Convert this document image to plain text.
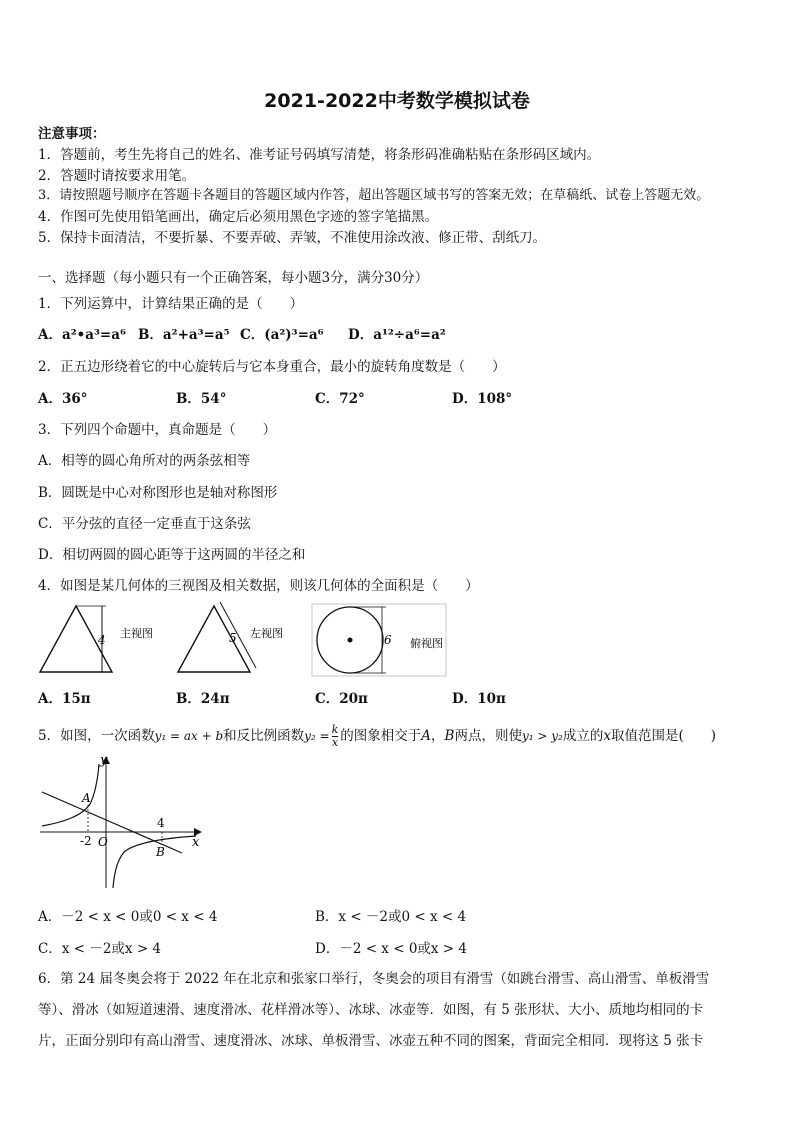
2021-2022中考数学模拟试卷
注意事项：
1．答题前，考生先将自己的姓名、准考证号码填写清楚，将条形码准确粘贴在条形码区域内。
2．答题时请按要求用笔。
3．请按照题号顺序在答题卡各题目的答题区域内作答，超出答题区域书写的答案无效；在草稿纸、试卷上答题无效。
4．作图可先使用铅笔画出，确定后必须用黑色字迹的签字笔描黑。
5．保持卡面清洁，不要折暴、不要弄破、弄皱，不准使用涂改液、修正带、刮纸刀。
一、选择题（每小题只有一个正确答案，每小题3分，满分30分）
1．下列运算中，计算结果正确的是（　　）
A．a²•a³=a⁶ B．a²+a³=a⁵ C．(a²)³=a⁶ D．a¹²÷a⁶=a²
2．正五边形绕着它的中心旋转后与它本身重合，最小的旋转角度数是（　　）
A．36°	B．54°	C．72°	D．108°
3．下列四个命题中，真命题是（　　）
A．相等的圆心角所对的两条弦相等
B．圆既是中心对称图形也是轴对称图形
C．平分弦的直径一定垂直于这条弦
D．相切两圆的圆心距等于这两圆的半径之和
4．如图是某几何体的三视图及相关数据，则该几何体的全面积是（　　）
4 主视图	5 左视图	6 俯视图
A．15π	B．24π	C．20π	D．10π
5．如图，一次函数y₁ = ax + b和反比例函数$y_2 = \frac{k}{x}$ 的图象相交于A，B两点，则使y₁ > y₂成立的x取值范围是(　　)
x
y
O
A
B
-2
4
A．－2 < x < 0或0 < x < 4	B．x < －2或0 < x < 4
C．x < －2或x > 4	D．－2 < x < 0或x > 4
6．第 24 届冬奥会将于 2022 年在北京和张家口举行，冬奥会的项目有滑雪（如跳台滑雪、高山滑雪、单板滑雪
等）、滑冰（如短道速滑、速度滑冰、花样滑冰等）、冰球、冰壶等．如图，有 5 张形状、大小、质地均相同的卡
片，正面分别印有高山滑雪、速度滑冰、冰球、单板滑雪、冰壶五种不同的图案，背面完全相同．现将这 5 张卡
